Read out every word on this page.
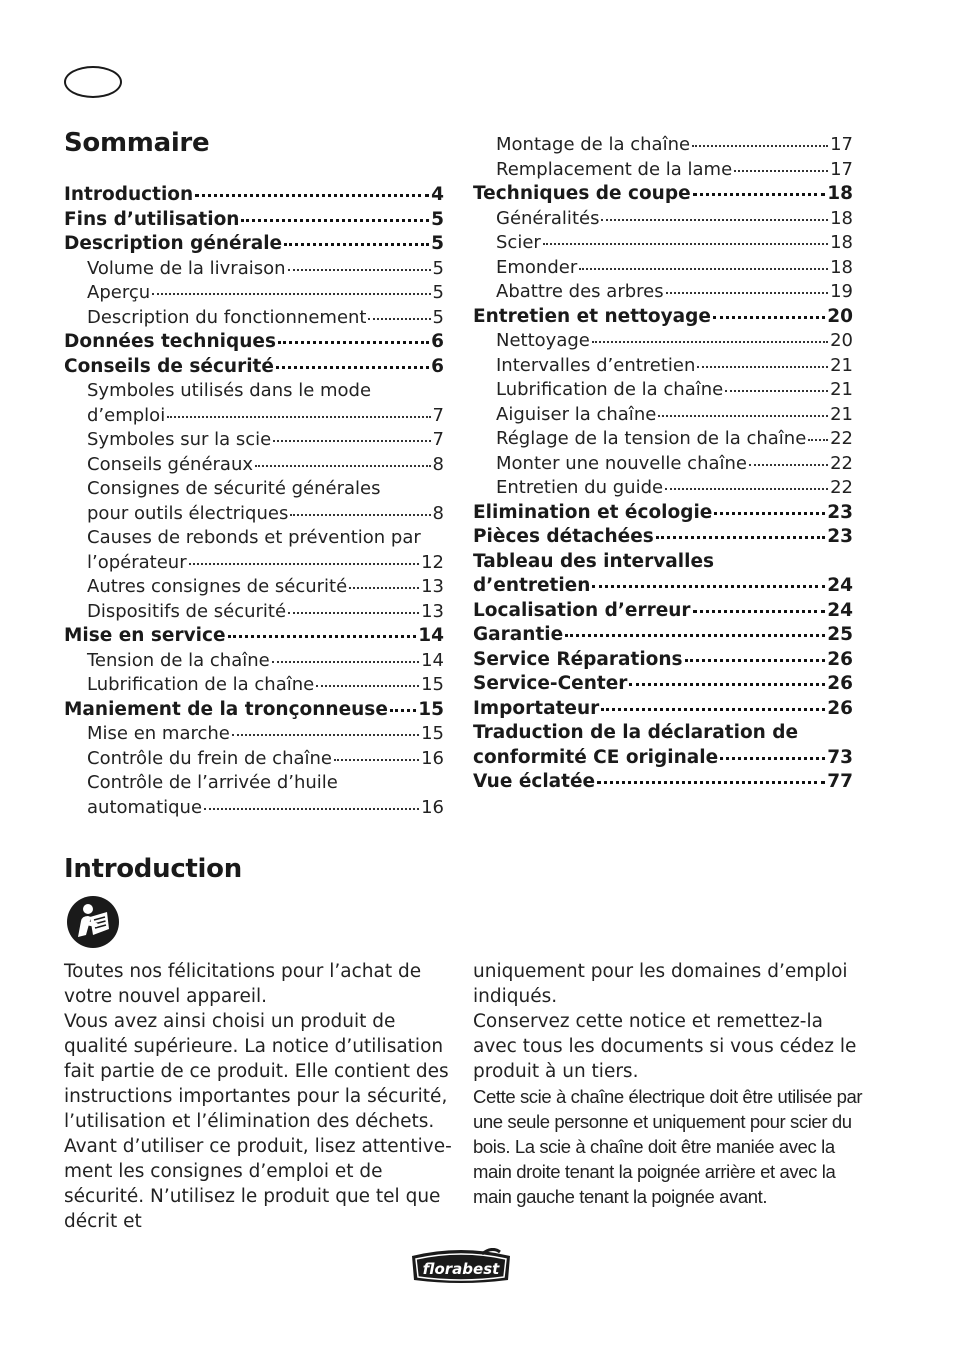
Sommaire
Introduction	4
Fins d’utilisation	5
Description générale	5
Volume de la livraison	5
Aperçu	5
Description du fonctionnement	5
Données techniques	6
Conseils de sécurité	6
Symboles utilisés dans le mode
d’emploi	7
Symboles sur la scie	7
Conseils généraux	8
Consignes de sécurité générales
pour outils électriques	8
Causes de rebonds et prévention par
l’opérateur	12
Autres consignes de sécurité	13
Dispositifs de sécurité	13
Mise en service	14
Tension de la chaîne	14
Lubrification de la chaîne	15
Maniement de la tronçonneuse 15
Mise en marche	15
Contrôle du frein de chaîne	16
Contrôle de l’arrivée d’huile
automatique	16
Montage de la chaîne	17
Remplacement de la lame	17
Techniques de coupe	18
Généralités	18
Scier	18
Emonder	18
Abattre des arbres	19
Entretien et nettoyage	20
Nettoyage	20
Intervalles d’entretien	21
Lubrification de la chaîne	21
Aiguiser la chaîne	21
Réglage de la tension de la chaîne 22
Monter une nouvelle chaîne	22
Entretien du guide	22
Elimination et écologie	23
Pièces détachées	23
Tableau des intervalles
d’entretien	24
Localisation d’erreur	24
Garantie	25
Service Réparations	26
Service-Center	26
Importateur	26
Traduction de la déclaration de
conformité CE originale	73
Vue éclatée	77
Introduction

Toutes nos félicitations pour l’achat de votre nouvel appareil.

Vous avez ainsi choisi un produit de qualité supérieure. La notice d’utilisation fait partie de ce produit. Elle contient des instructions importantes pour la sécurité, l’utilisation et l’élimination des déchets. Avant d’utiliser ce produit, lisez attentive-ment les consignes d’emploi et de sécurité. N’utilisez le produit que tel que décrit et

uniquement pour les domaines d’emploi indiqués.

Conservez cette notice et remettez-la avec tous les documents si vous cédez le produit à un tiers.

Cette scie à chaîne électrique doit être utilisée par une seule personne et uniquement pour scier du bois. La scie à chaîne doit être maniée avec la main droite tenant la poignée arrière et avec la main gauche tenant la poignée avant.

florabest
